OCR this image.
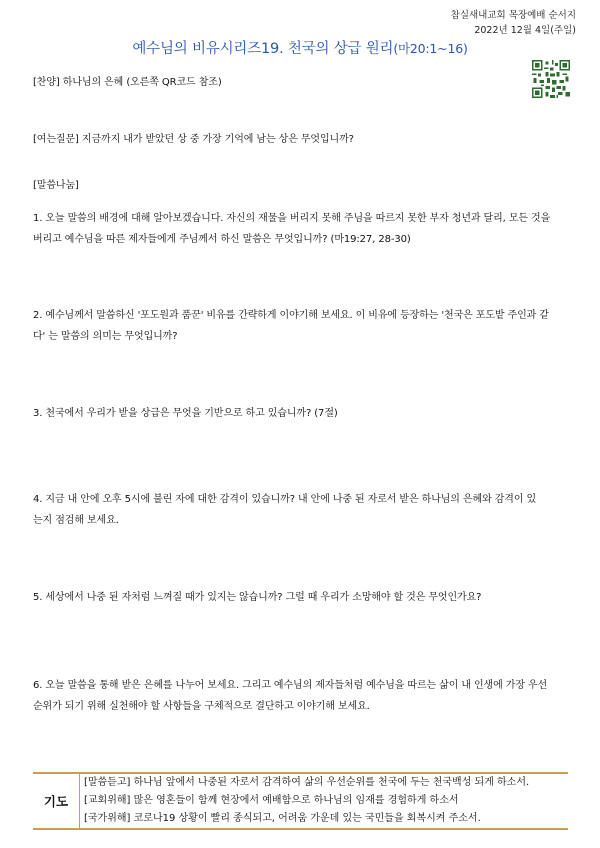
참실새내교회 목장예배 순서지
2022년 12월 4일(주일)
예수님의 비유시리즈19. 천국의 상급 원리(마20:1~16)
[찬양] 하나님의 은혜 (오른쪽 QR코드 참조)
[여는질문] 지금까지 내가 받았던 상 중 가장 기억에 남는 상은 무엇입니까?
[말씀나눔]
1. 오늘 말씀의 배경에 대해 알아보겠습니다. 자신의 재물을 버리지 못해 주님을 따르지 못한 부자 청년과 달리, 모든 것을
버리고 예수님을 따른 제자들에게 주님께서 하신 말씀은 무엇입니까? (마19:27, 28-30)
2. 예수님께서 말씀하신 '포도원과 품꾼' 비유를 간략하게 이야기해 보세요. 이 비유에 등장하는 '천국은 포도밭 주인과 같
다' 는 말씀의 의미는 무엇입니까?
3. 천국에서 우리가 받을 상급은 무엇을 기반으로 하고 있습니까? (7절)
4. 지금 내 안에 오후 5시에 불린 자에 대한 감격이 있습니까? 내 안에 나중 된 자로서 받은 하나님의 은혜와 감격이 있
는지 점검해 보세요.
5. 세상에서 나중 된 자처럼 느껴질 때가 있지는 않습니까? 그럴 때 우리가 소망해야 할 것은 무엇인가요?
6. 오늘 말씀을 통해 받은 은혜를 나누어 보세요. 그리고 예수님의 제자들처럼 예수님을 따르는 삶이 내 인생에 가장 우선
순위가 되기 위해 실천해야 할 사항들을 구체적으로 결단하고 이야기해 보세요.
기도
[말씀듣고] 하나님 앞에서 나중된 자로서 감격하여 삶의 우선순위를 천국에 두는 천국백성 되게 하소서.
[교회위해] 많은 영혼들이 함께 현장에서 예배함으로 하나님의 임재를 경험하게 하소서
[국가위해] 코로나19 상황이 빨리 종식되고, 어려움 가운데 있는 국민들을 회복시켜 주소서.
